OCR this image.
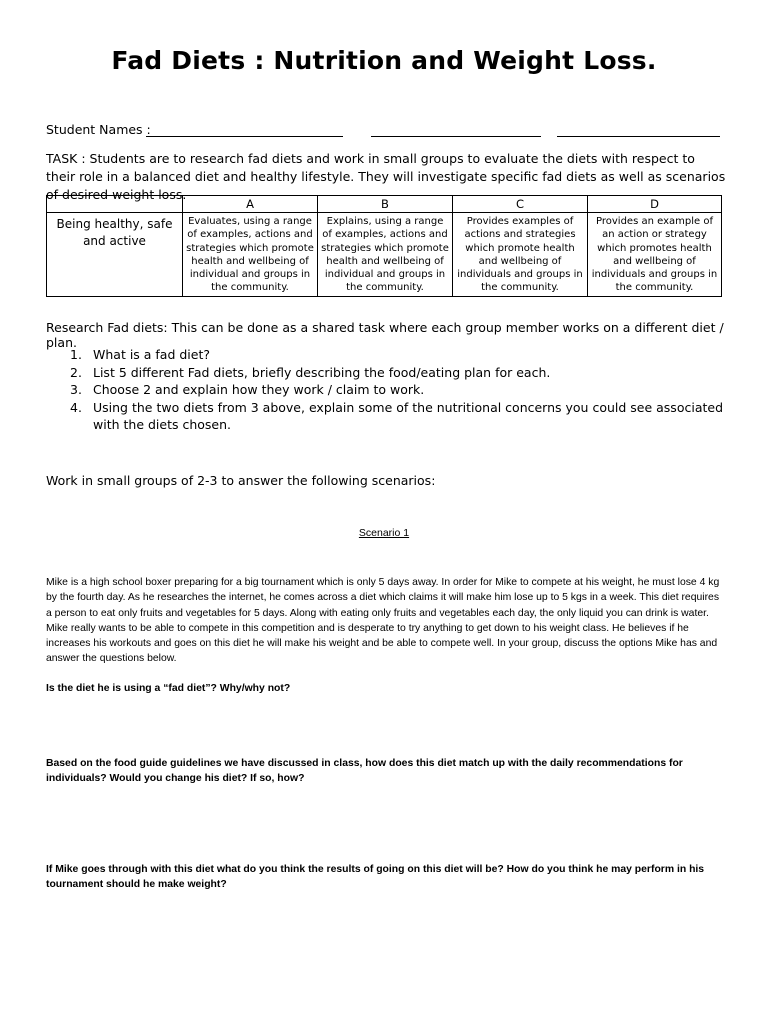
Fad Diets : Nutrition and Weight Loss.
Student Names :
TASK : Students are to research fad diets and work in small groups to evaluate the diets with respect to their role in a balanced diet and healthy lifestyle. They will investigate specific fad diets as well as scenarios of desired weight loss.
	A	B	C	D
Being healthy, safe and active	Evaluates, using a range of examples, actions and strategies which promote health and wellbeing of individual and groups in the community.	Explains, using a range of examples, actions and strategies which promote health and wellbeing of individual and groups in the community.	Provides examples of actions and strategies which promote health and wellbeing of individuals and groups in the community.	Provides an example of an action or strategy which promotes health and wellbeing of individuals and groups in the community.
Research Fad diets: This can be done as a shared task where each group member works on a different diet / plan.
1. What is a fad diet?
2. List 5 different Fad diets, briefly describing the food/eating plan for each.
3. Choose 2 and explain how they work / claim to work.
4. Using the two diets from 3 above, explain some of the nutritional concerns you could see associated with the diets chosen.
Work in small groups of 2-3 to answer the following scenarios:
Scenario 1
Mike is a high school boxer preparing for a big tournament which is only 5 days away. In order for Mike to compete at his weight, he must lose 4 kg by the fourth day. As he researches the internet, he comes across a diet which claims it will make him lose up to 5 kgs in a week. This diet requires a person to eat only fruits and vegetables for 5 days. Along with eating only fruits and vegetables each day, the only liquid you can drink is water. Mike really wants to be able to compete in this competition and is desperate to try anything to get down to his weight class. He believes if he increases his workouts and goes on this diet he will make his weight and be able to compete well. In your group, discuss the options Mike has and answer the questions below.
Is the diet he is using a “fad diet”? Why/why not?
Based on the food guide guidelines we have discussed in class, how does this diet match up with the daily recommendations for individuals? Would you change his diet? If so, how?
If Mike goes through with this diet what do you think the results of going on this diet will be? How do you think he may perform in his tournament should he make weight?
